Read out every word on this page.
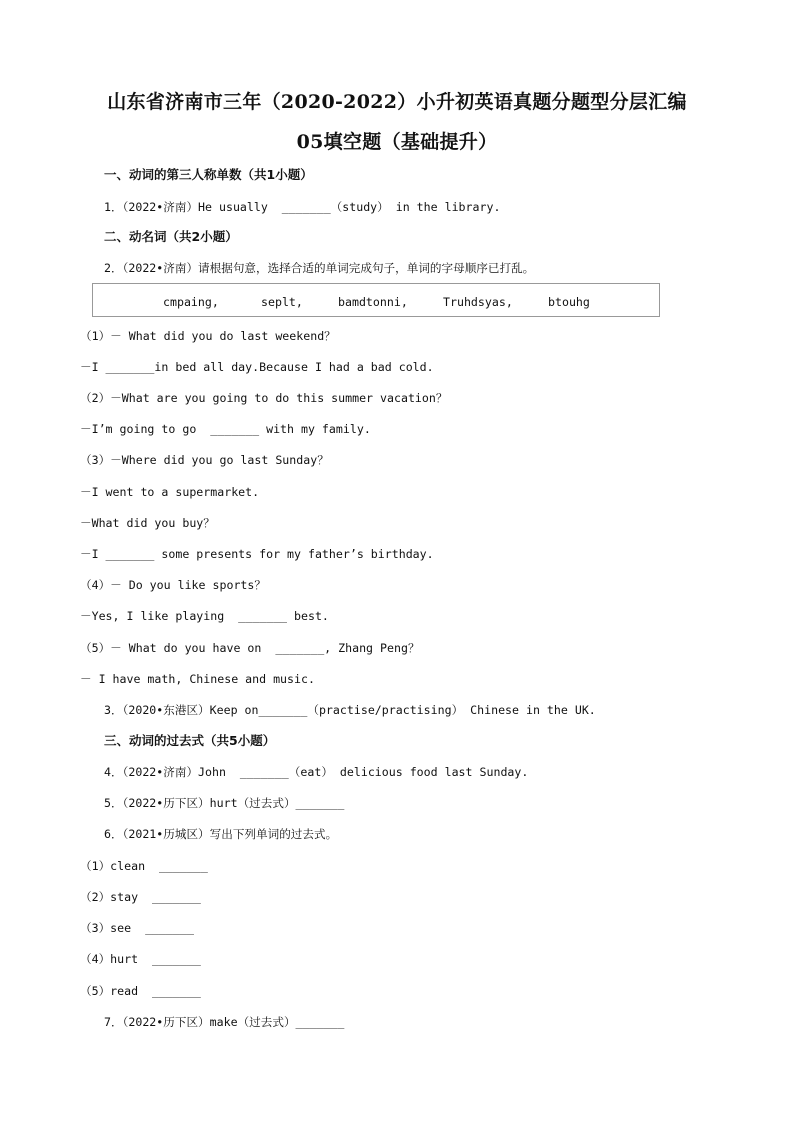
山东省济南市三年（2020-2022）小升初英语真题分题型分层汇编
05填空题（基础提升）
一、动词的第三人称单数（共1小题）
1．（2022•济南）He usually  _______（study） in the library.
二、动名词（共2小题）
2．（2022•济南）请根据句意，选择合适的单词完成句子，单词的字母顺序已打乱。
cmpaing,	seplt,	bamdtonni,	Truhdsyas,	btouhg
（1）－ What did you do last weekend？
－I _______in bed all day.Because I had a bad cold.
（2）－What are you going to do this summer vacation？
－I’m going to go  _______ with my family.
（3）－Where did you go last Sunday？
－I went to a supermarket.
－What did you buy？
－I _______ some presents for my father’s birthday.
（4）－ Do you like sports？
－Yes, I like playing  _______ best.
（5）－ What do you have on  _______, Zhang Peng？
－ I have math, Chinese and music.
3．（2020•东港区）Keep on_______（practise/practising） Chinese in the UK.
三、动词的过去式（共5小题）
4．（2022•济南）John  _______（eat） delicious food last Sunday.
5．（2022•历下区）hurt（过去式）_______
6．（2021•历城区）写出下列单词的过去式。
（1）clean  _______
（2）stay  _______
（3）see  _______
（4）hurt  _______
（5）read  _______
7．（2022•历下区）make（过去式）_______
